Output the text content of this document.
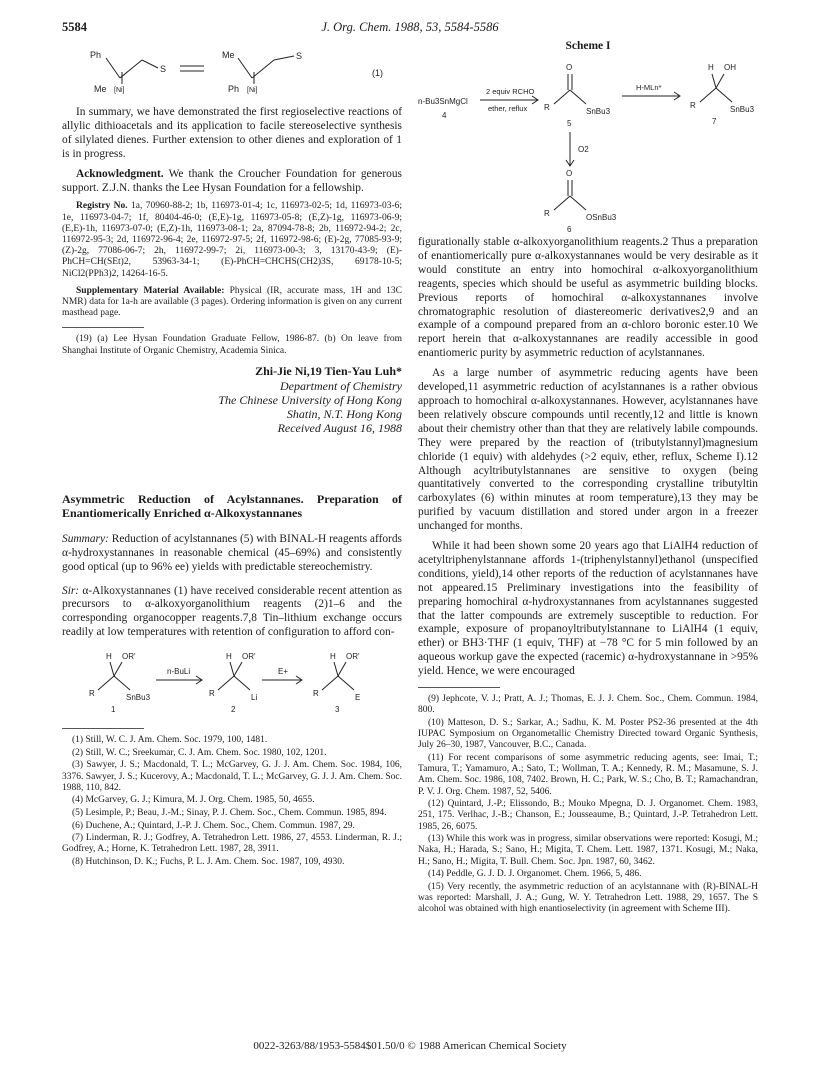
5584	J. Org. Chem. 1988, 53, 5584-5586
Ph
S
Me [Ni]
Me	S
Ph [Ni]
(1)

In summary, we have demonstrated the first regioselective reactions of allylic dithioacetals and its application to facile stereoselective synthesis of silylated dienes. Further extension to other dienes and exploration of 1 is in progress.

Acknowledgment. We thank the Croucher Foundation for generous support. Z.J.N. thanks the Lee Hysan Foundation for a fellowship.

Registry No. 1a, 70960-88-2; 1b, 116973-01-4; 1c, 116973-02-5; 1d, 116973-03-6; 1e, 116973-04-7; 1f, 80404-46-0; (E,E)-1g, 116973-05-8; (E,Z)-1g, 116973-06-9; (E,E)-1h, 116973-07-0; (E,Z)-1h, 116973-08-1; 2a, 87094-78-8; 2b, 116972-94-2; 2c, 116972-95-3; 2d, 116972-96-4; 2e, 116972-97-5; 2f, 116972-98-6; (E)-2g, 77085-93-9; (Z)-2g, 77086-06-7; 2h, 116972-99-7; 2i, 116973-00-3; 3, 13170-43-9; (E)-PhCH=CH(SEt)2, 53963-34-1; (E)-PhCH=CHCHS(CH2)3S, 69178-10-5; NiCl2(PPh3)2, 14264-16-5.

Supplementary Material Available: Physical (IR, accurate mass, 1H and 13C NMR) data for 1a-h are available (3 pages). Ordering information is given on any current masthead page.

(19) (a) Lee Hysan Foundation Graduate Fellow, 1986-87. (b) On leave from Shanghai Institute of Organic Chemistry, Academia Sinica.

Zhi-Jie Ni,19 Tien-Yau Luh*
Department of Chemistry
The Chinese University of Hong Kong
Shatin, N.T. Hong Kong
Received August 16, 1988
Asymmetric Reduction of Acylstannanes. Preparation of Enantiomerically Enriched α-Alkoxystannanes

Summary: Reduction of acylstannanes (5) with BINAL-H reagents affords α-hydroxystannanes in reasonable chemical (45–69%) and consistently good optical (up to 96% ee) yields with predictable stereochemistry.

Sir: α-Alkoxystannanes (1) have received considerable recent attention as precursors to α-alkoxyorganolithium reagents (2)1–6 and the corresponding organocopper reagents.7,8 Tin–lithium exchange occurs readily at low temperatures with retention of configuration to afford con-

H OR'
R	SnBu3
1
n-BuLi
H OR'
R	Li
2
E+
H OR'
R	E
3

(1) Still, W. C. J. Am. Chem. Soc. 1979, 100, 1481.

(2) Still, W. C.; Sreekumar, C. J. Am. Chem. Soc. 1980, 102, 1201.

(3) Sawyer, J. S.; Macdonald, T. L.; McGarvey, G. J. J. Am. Chem. Soc. 1984, 106, 3376. Sawyer, J. S.; Kucerovy, A.; Macdonald, T. L.; McGarvey, G. J. J. Am. Chem. Soc. 1988, 110, 842.

(4) McGarvey, G. J.; Kimura, M. J. Org. Chem. 1985, 50, 4655.

(5) Lesimple, P.; Beau, J.-M.; Sinay, P. J. Chem. Soc., Chem. Commun. 1985, 894.

(6) Duchene, A.; Quintard, J.-P. J. Chem. Soc., Chem. Commun. 1987, 29.

(7) Linderman, R. J.; Godfrey, A. Tetrahedron Lett. 1986, 27, 4553. Linderman, R. J.; Godfrey, A.; Horne, K. Tetrahedron Lett. 1987, 28, 3911.

(8) Hutchinson, D. K.; Fuchs, P. L. J. Am. Chem. Soc. 1987, 109, 4930.

Scheme I
n-Bu3SnMgCl
4
2 equiv RCHO
ether, reflux
O
R	SnBu3
5
H-MLn*
H OH
R	SnBu3
7
O2
O
R	OSnBu3
6

figurationally stable α-alkoxyorganolithium reagents.2 Thus a preparation of enantiomerically pure α-alkoxystannanes would be very desirable as it would constitute an entry into homochiral α-alkoxyorganolithium reagents, species which should be useful as asymmetric building blocks. Previous reports of homochiral α-alkoxystannanes involve chromatographic resolution of diastereomeric derivatives2,9 and an example of a compound prepared from an α-chloro boronic ester.10 We report herein that α-alkoxystannanes are readily accessible in good enantiomeric purity by asymmetric reduction of acylstannanes.

As a large number of asymmetric reducing agents have been developed,11 asymmetric reduction of acylstannanes is a rather obvious approach to homochiral α-alkoxystannanes. However, acylstannanes have been relatively obscure compounds until recently,12 and little is known about their chemistry other than that they are relatively labile compounds. They were prepared by the reaction of (tributylstannyl)magnesium chloride (1 equiv) with aldehydes (>2 equiv, ether, reflux, Scheme I).12 Although acyltributylstannanes are sensitive to oxygen (being quantitatively converted to the corresponding crystalline tributyltin carboxylates (6) within minutes at room temperature),13 they may be purified by vacuum distillation and stored under argon in a freezer unchanged for months.

While it had been shown some 20 years ago that LiAlH4 reduction of acetyltriphenylstannane affords 1-(triphenylstannyl)ethanol (unspecified conditions, yield),14 other reports of the reduction of acylstannanes have not appeared.15 Preliminary investigations into the feasibility of preparing homochiral α-hydroxystannanes from acylstannanes suggested that the latter compounds are extremely susceptible to reduction. For example, exposure of propanoyltributylstannane to LiAlH4 (1 equiv, ether) or BH3·THF (1 equiv, THF) at −78 °C for 5 min followed by an aqueous workup gave the expected (racemic) α-hydroxystannane in >95% yield. Hence, we were encouraged

(9) Jephcote, V. J.; Pratt, A. J.; Thomas, E. J. J. Chem. Soc., Chem. Commun. 1984, 800.

(10) Matteson, D. S.; Sarkar, A.; Sadhu, K. M. Poster PS2-36 presented at the 4th IUPAC Symposium on Organometallic Chemistry Directed toward Organic Synthesis, July 26–30, 1987, Vancouver, B.C., Canada.

(11) For recent comparisons of some asymmetric reducing agents, see: Imai, T.; Tamura, T.; Yamamuro, A.; Sato, T.; Wollman, T. A.; Kennedy, R. M.; Masamune, S. J. Am. Chem. Soc. 1986, 108, 7402. Brown, H. C.; Park, W. S.; Cho, B. T.; Ramachandran, P. V. J. Org. Chem. 1987, 52, 5406.

(12) Quintard, J.-P.; Elissondo, B.; Mouko Mpegna, D. J. Organomet. Chem. 1983, 251, 175. Verlhac, J.-B.; Chanson, E.; Jousseaume, B.; Quintard, J.-P. Tetrahedron Lett. 1985, 26, 6075.

(13) While this work was in progress, similar observations were reported: Kosugi, M.; Naka, H.; Harada, S.; Sano, H.; Migita, T. Chem. Lett. 1987, 1371. Kosugi, M.; Naka, H.; Sano, H.; Migita, T. Bull. Chem. Soc. Jpn. 1987, 60, 3462.

(14) Peddle, G. J. D. J. Organomet. Chem. 1966, 5, 486.

(15) Very recently, the asymmetric reduction of an acylstannane with (R)-BINAL-H was reported: Marshall, J. A.; Gung, W. Y. Tetrahedron Lett. 1988, 29, 1657. The S alcohol was obtained with high enantioselectivity (in agreement with Scheme III).

0022-3263/88/1953-5584$01.50/0 © 1988 American Chemical Society
